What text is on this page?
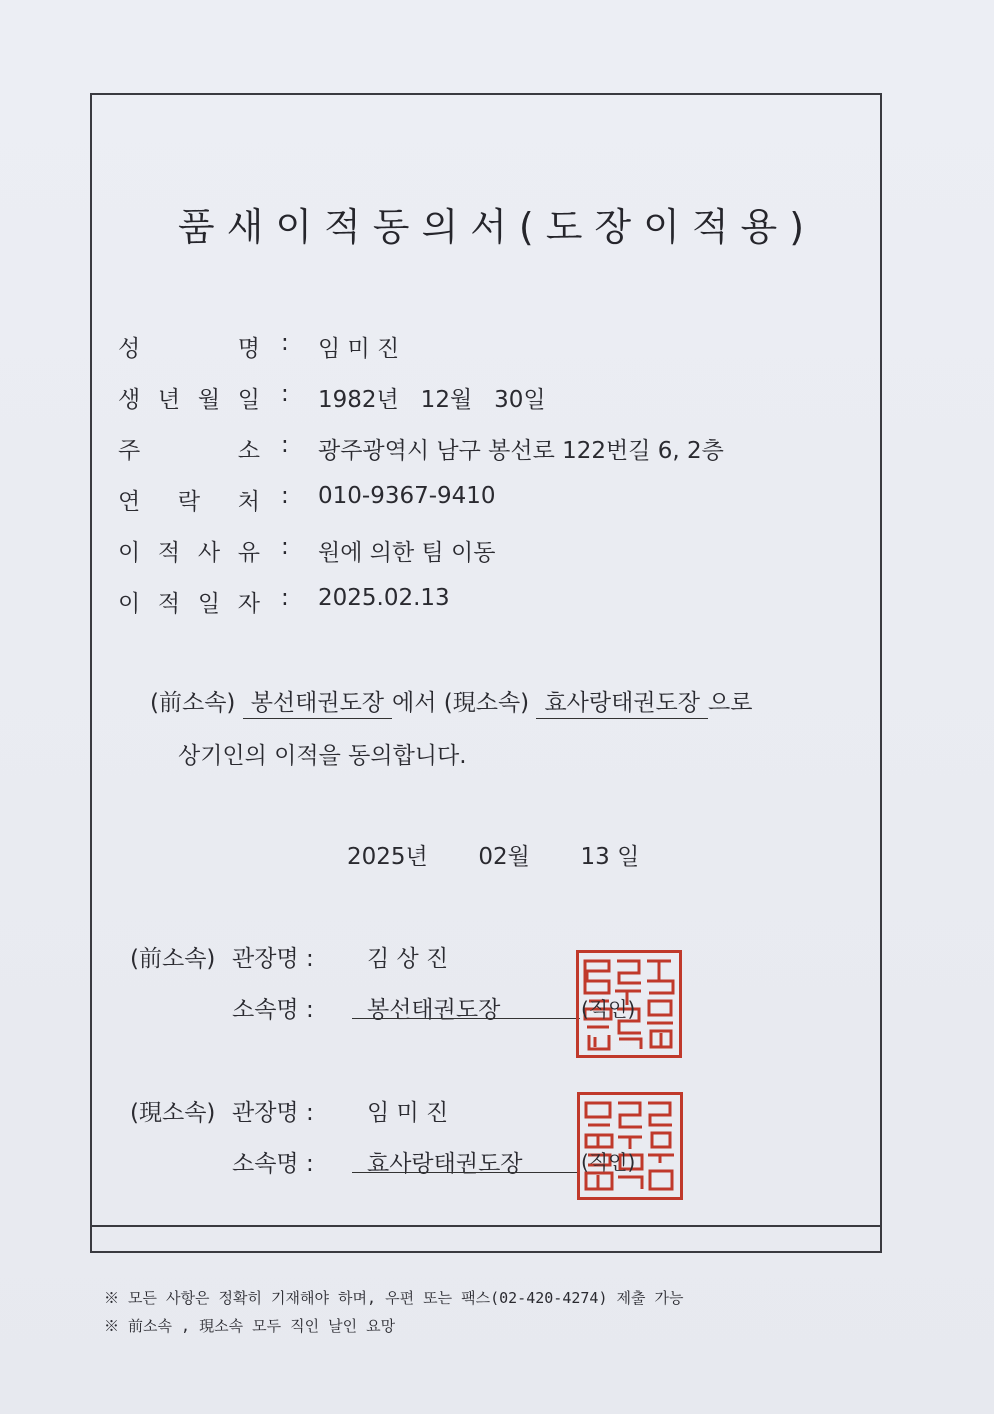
품새이적동의서(도장이적용)
성	명 : 임 미 진
생 년 월 일 : 1982년   12월   30일
주	소 : 광주광역시 남구 봉선로 122번길 6, 2층
연 락 처 : 010-9367-9410
이 적 사 유 : 원에 의한 팀 이동
이 적 일 자 : 2025.02.13
(前소속) 봉선태권도장 에서 (現소속) 효사랑태권도장 으로
상기인의 이적을 동의합니다.
2025년 02월 13 일
(前소속) 관장명 : 김 상 진
소속명 : 봉선태권도장	(직인)
(現소속) 관장명 : 임 미 진
소속명 : 효사랑태권도장	(직인)
※ 모든 사항은 정확히 기재해야 하며, 우편 또는 팩스(02-420-4274) 제출 가능
※ 前소속 , 現소속 모두 직인 날인 요망
